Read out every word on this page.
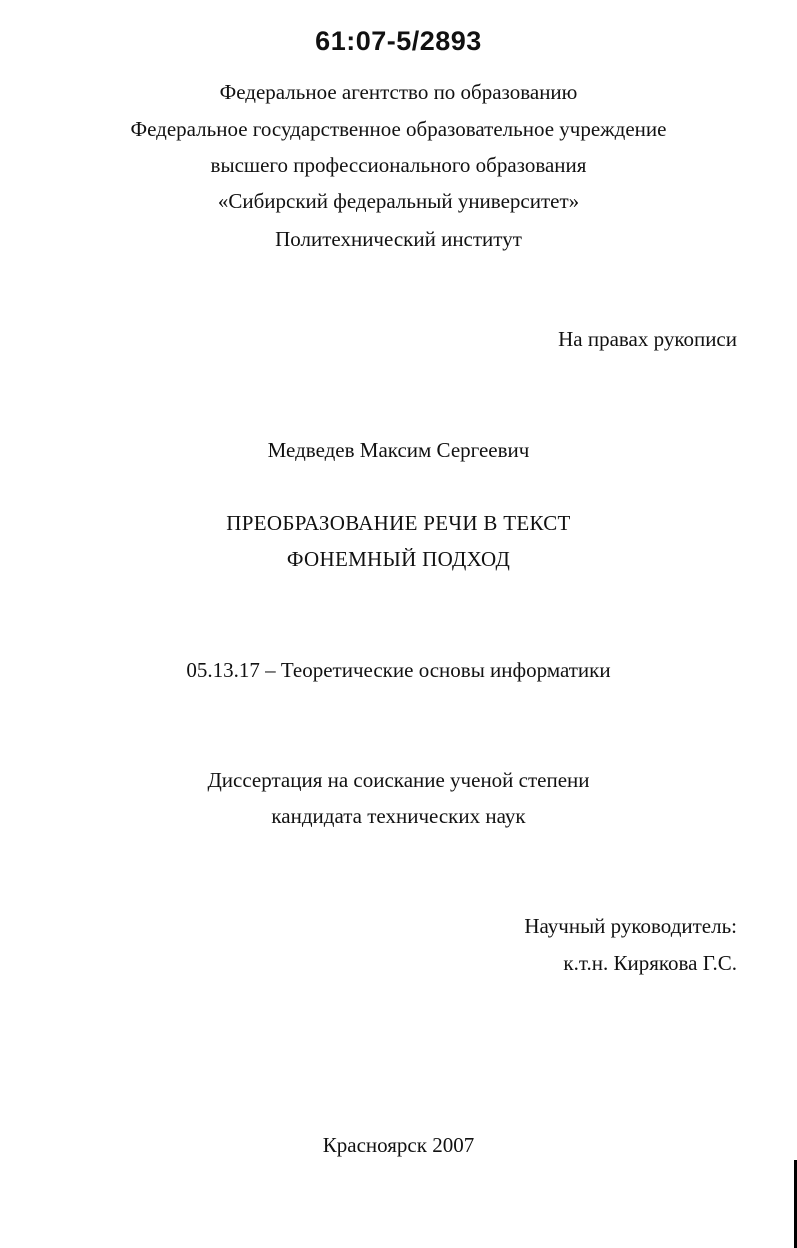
61:07-5/2893
Федеральное агентство по образованию
Федеральное государственное образовательное учреждение
высшего профессионального образования
«Сибирский федеральный университет»
Политехнический институт
На правах рукописи
Медведев Максим Сергеевич
ПРЕОБРАЗОВАНИЕ РЕЧИ В ТЕКСТ
ФОНЕМНЫЙ ПОДХОД
05.13.17 – Теоретические основы информатики
Диссертация на соискание ученой степени
кандидата технических наук
Научный руководитель:
к.т.н. Кирякова Г.С.
Красноярск 2007
